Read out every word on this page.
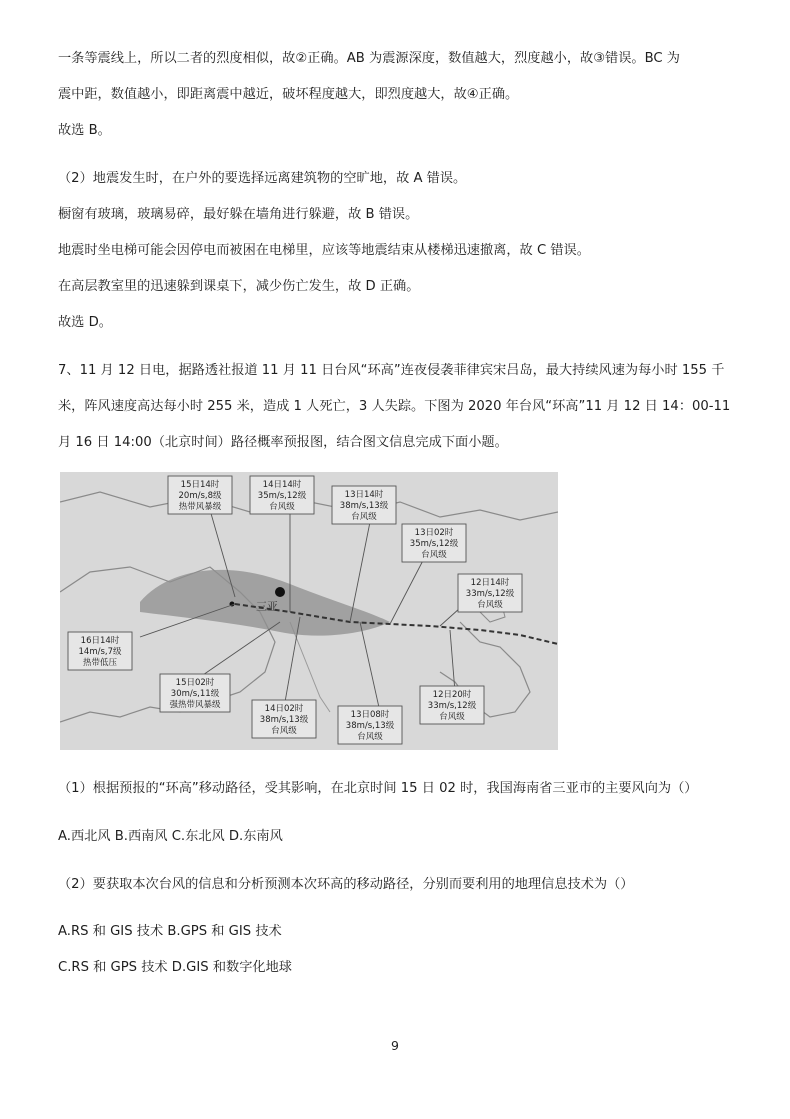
一条等震线上，所以二者的烈度相似，故②正确。AB 为震源深度，数值越大，烈度越小，故③错误。BC 为
震中距，数值越小，即距离震中越近，破坏程度越大，即烈度越大，故④正确。
故选 B。
（2）地震发生时，在户外的要选择远离建筑物的空旷地，故 A 错误。
橱窗有玻璃，玻璃易碎，最好躲在墙角进行躲避，故 B 错误。
地震时坐电梯可能会因停电而被困在电梯里，应该等地震结束从楼梯迅速撤离，故 C 错误。
在高层教室里的迅速躲到课桌下，减少伤亡发生，故 D 正确。
故选 D。
7、11 月 12 日电，据路透社报道 11 月 11 日台风“环高”连夜侵袭菲律宾宋吕岛，最大持续风速为每小时 155 千
米，阵风速度高达每小时 255 米，造成 1 人死亡，3 人失踪。下图为 2020 年台风“环高”11 月 12 日 14：00-11
月 16 日 14:00（北京时间）路径概率预报图，结合图文信息完成下面小题。
三亚
15日14时
20m/s,8级
热带风暴级
14日14时
35m/s,12级
台风级
13日14时
38m/s,13级
台风级
13日02时
35m/s,12级
台风级
12日14时
33m/s,12级
台风级
16日14时
14m/s,7级
热带低压
15日02时
30m/s,11级
强热带风暴级	14日02时
38m/s,13级
台风级
13日08时
38m/s,13级
台风级
12日20时
33m/s,12级
台风级
（1）根据预报的“环高”移动路径，受其影响，在北京时间 15 日 02 时，我国海南省三亚市的主要风向为（）
A.西北风 B.西南风 C.东北风 D.东南风
（2）要获取本次台风的信息和分析预测本次环高的移动路径，分别而要利用的地理信息技术为（）
A.RS 和 GIS 技术 B.GPS 和 GIS 技术
C.RS 和 GPS 技术 D.GIS 和数字化地球
9
